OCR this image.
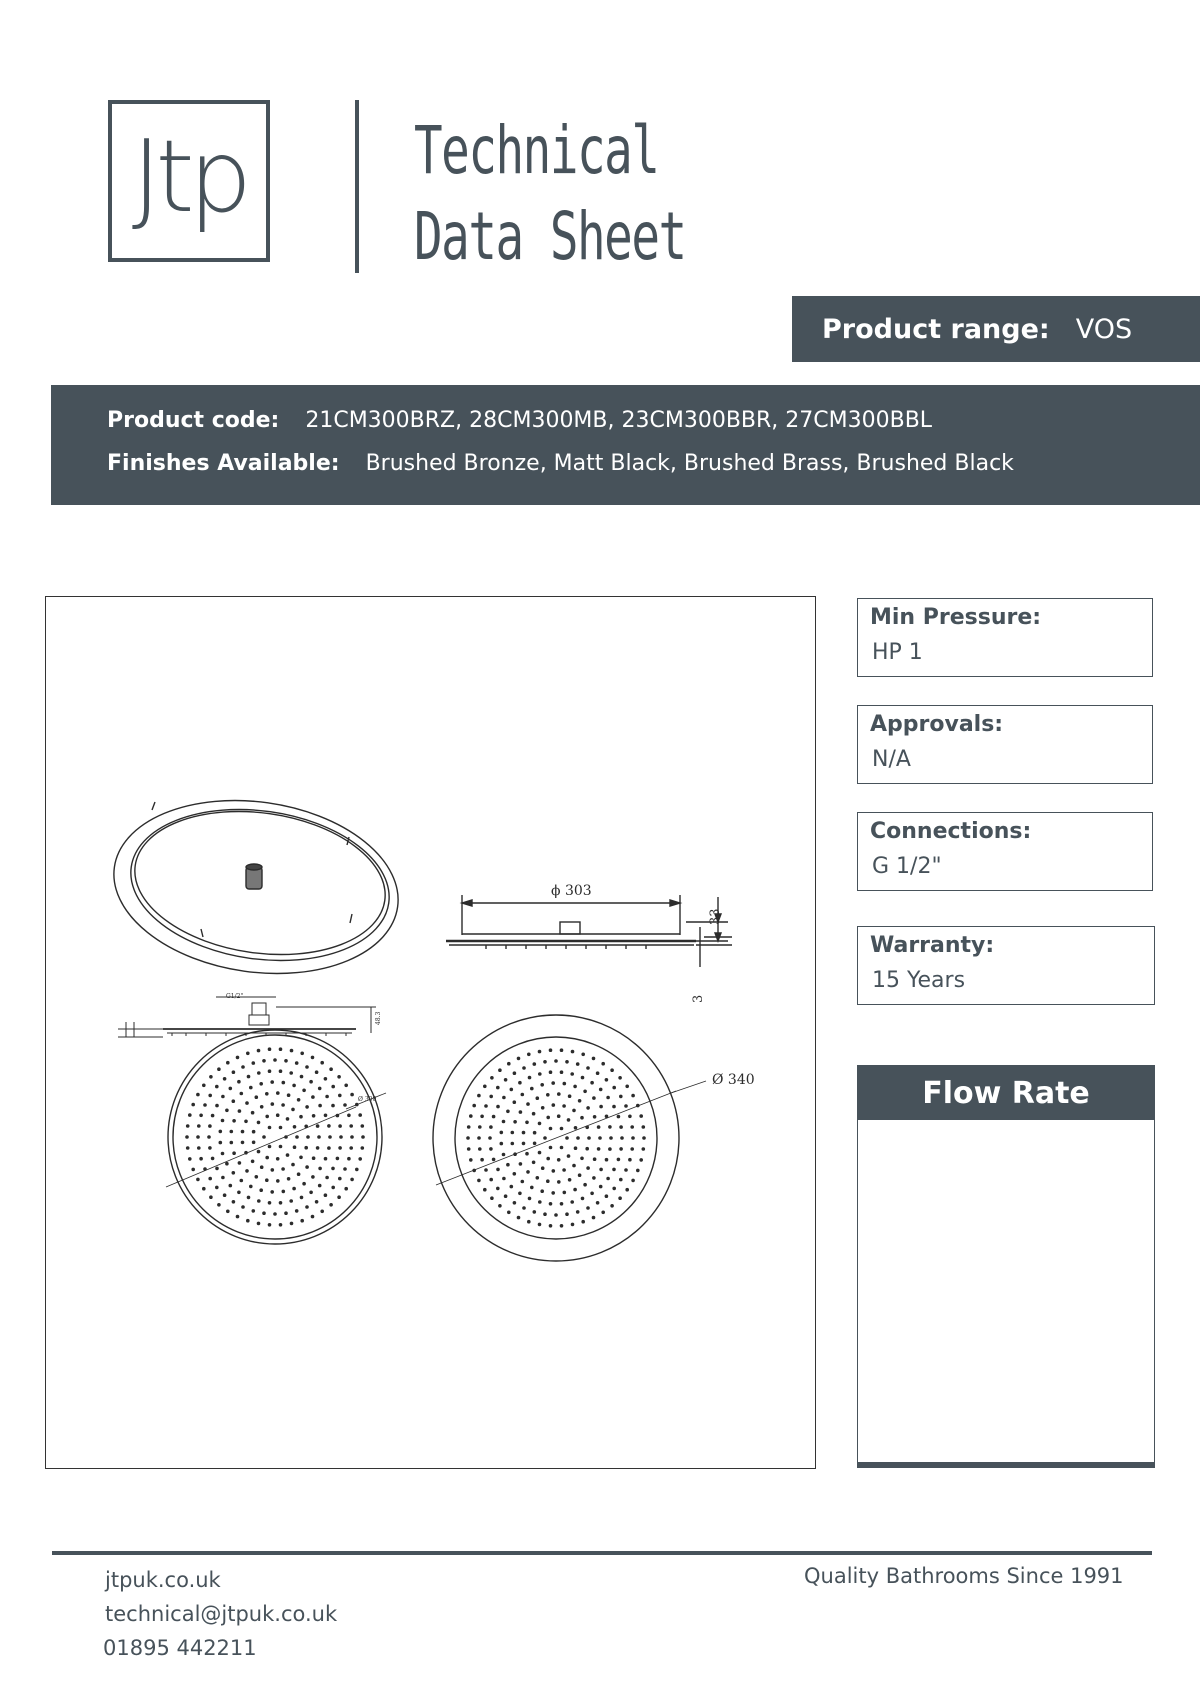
Jtp	Technical
Data Sheet
Product range: VOS
Product code: 21CM300BRZ, 28CM300MB, 23CM300BBR, 27CM300BBL
Finishes Available: Brushed Bronze, Matt Black, Brushed Brass, Brushed Black
ϕ 303
33
3
Ø 340
G1/2"
48.3
Ø 300
Min Pressure:
HP 1
Approvals:
N/A
Connections:
G 1/2"
Warranty:
15 Years
Flow Rate
jtpuk.co.uk
technical@jtpuk.co.uk
01895 442211
Quality Bathrooms Since 1991
